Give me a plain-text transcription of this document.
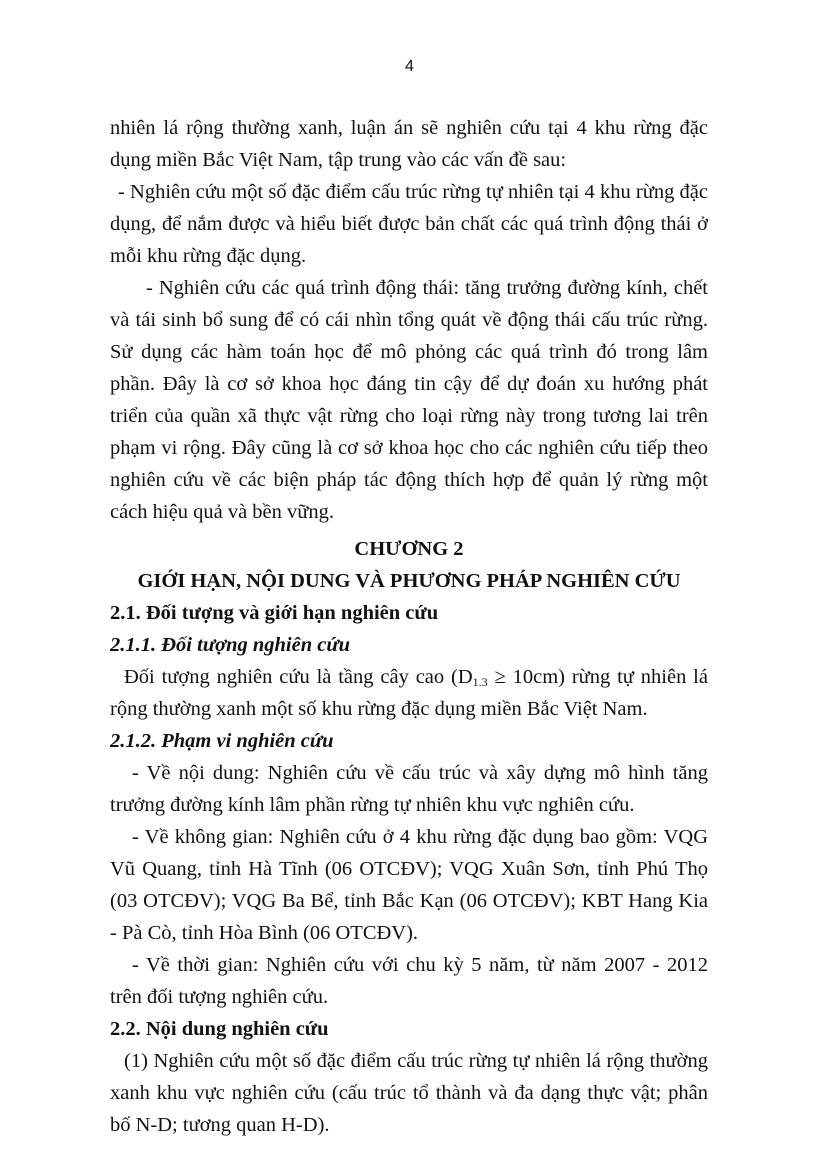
4

nhiên lá rộng thường xanh, luận án sẽ nghiên cứu tại 4 khu rừng đặc dụng miền Bắc Việt Nam, tập trung vào các vấn đề sau:

- Nghiên cứu một số đặc điểm cấu trúc rừng tự nhiên tại 4 khu rừng đặc dụng, để nắm được và hiểu biết được bản chất các quá trình động thái ở mỗi khu rừng đặc dụng.

- Nghiên cứu các quá trình động thái: tăng trưởng đường kính, chết và tái sinh bổ sung để có cái nhìn tổng quát về động thái cấu trúc rừng. Sử dụng các hàm toán học để mô phỏng các quá trình đó trong lâm phần. Đây là cơ sở khoa học đáng tin cậy để dự đoán xu hướng phát triển của quần xã thực vật rừng cho loại rừng này trong tương lai trên phạm vi rộng. Đây cũng là cơ sở khoa học cho các nghiên cứu tiếp theo nghiên cứu về các biện pháp tác động thích hợp để quản lý rừng một cách hiệu quả và bền vững.

CHƯƠNG 2
GIỚI HẠN, NỘI DUNG VÀ PHƯƠNG PHÁP NGHIÊN CỨU
2.1. Đối tượng và giới hạn nghiên cứu
2.1.1. Đối tượng nghiên cứu

Đối tượng nghiên cứu là tầng cây cao $(D_{1.3} \ge 10cm)$ rừng tự nhiên lá rộng thường xanh một số khu rừng đặc dụng miền Bắc Việt Nam.

2.1.2. Phạm vi nghiên cứu

- Về nội dung: Nghiên cứu về cấu trúc và xây dựng mô hình tăng trưởng đường kính lâm phần rừng tự nhiên khu vực nghiên cứu.

- Về không gian: Nghiên cứu ở 4 khu rừng đặc dụng bao gồm: VQG Vũ Quang, tỉnh Hà Tĩnh (06 OTCĐV); VQG Xuân Sơn, tỉnh Phú Thọ (03 OTCĐV); VQG Ba Bể, tỉnh Bắc Kạn (06 OTCĐV); KBT Hang Kia - Pà Cò, tỉnh Hòa Bình (06 OTCĐV).

- Về thời gian: Nghiên cứu với chu kỳ 5 năm, từ năm 2007 - 2012 trên đối tượng nghiên cứu.

2.2. Nội dung nghiên cứu

(1) Nghiên cứu một số đặc điểm cấu trúc rừng tự nhiên lá rộng thường xanh khu vực nghiên cứu (cấu trúc tổ thành và đa dạng thực vật; phân bố N-D; tương quan H-D).
